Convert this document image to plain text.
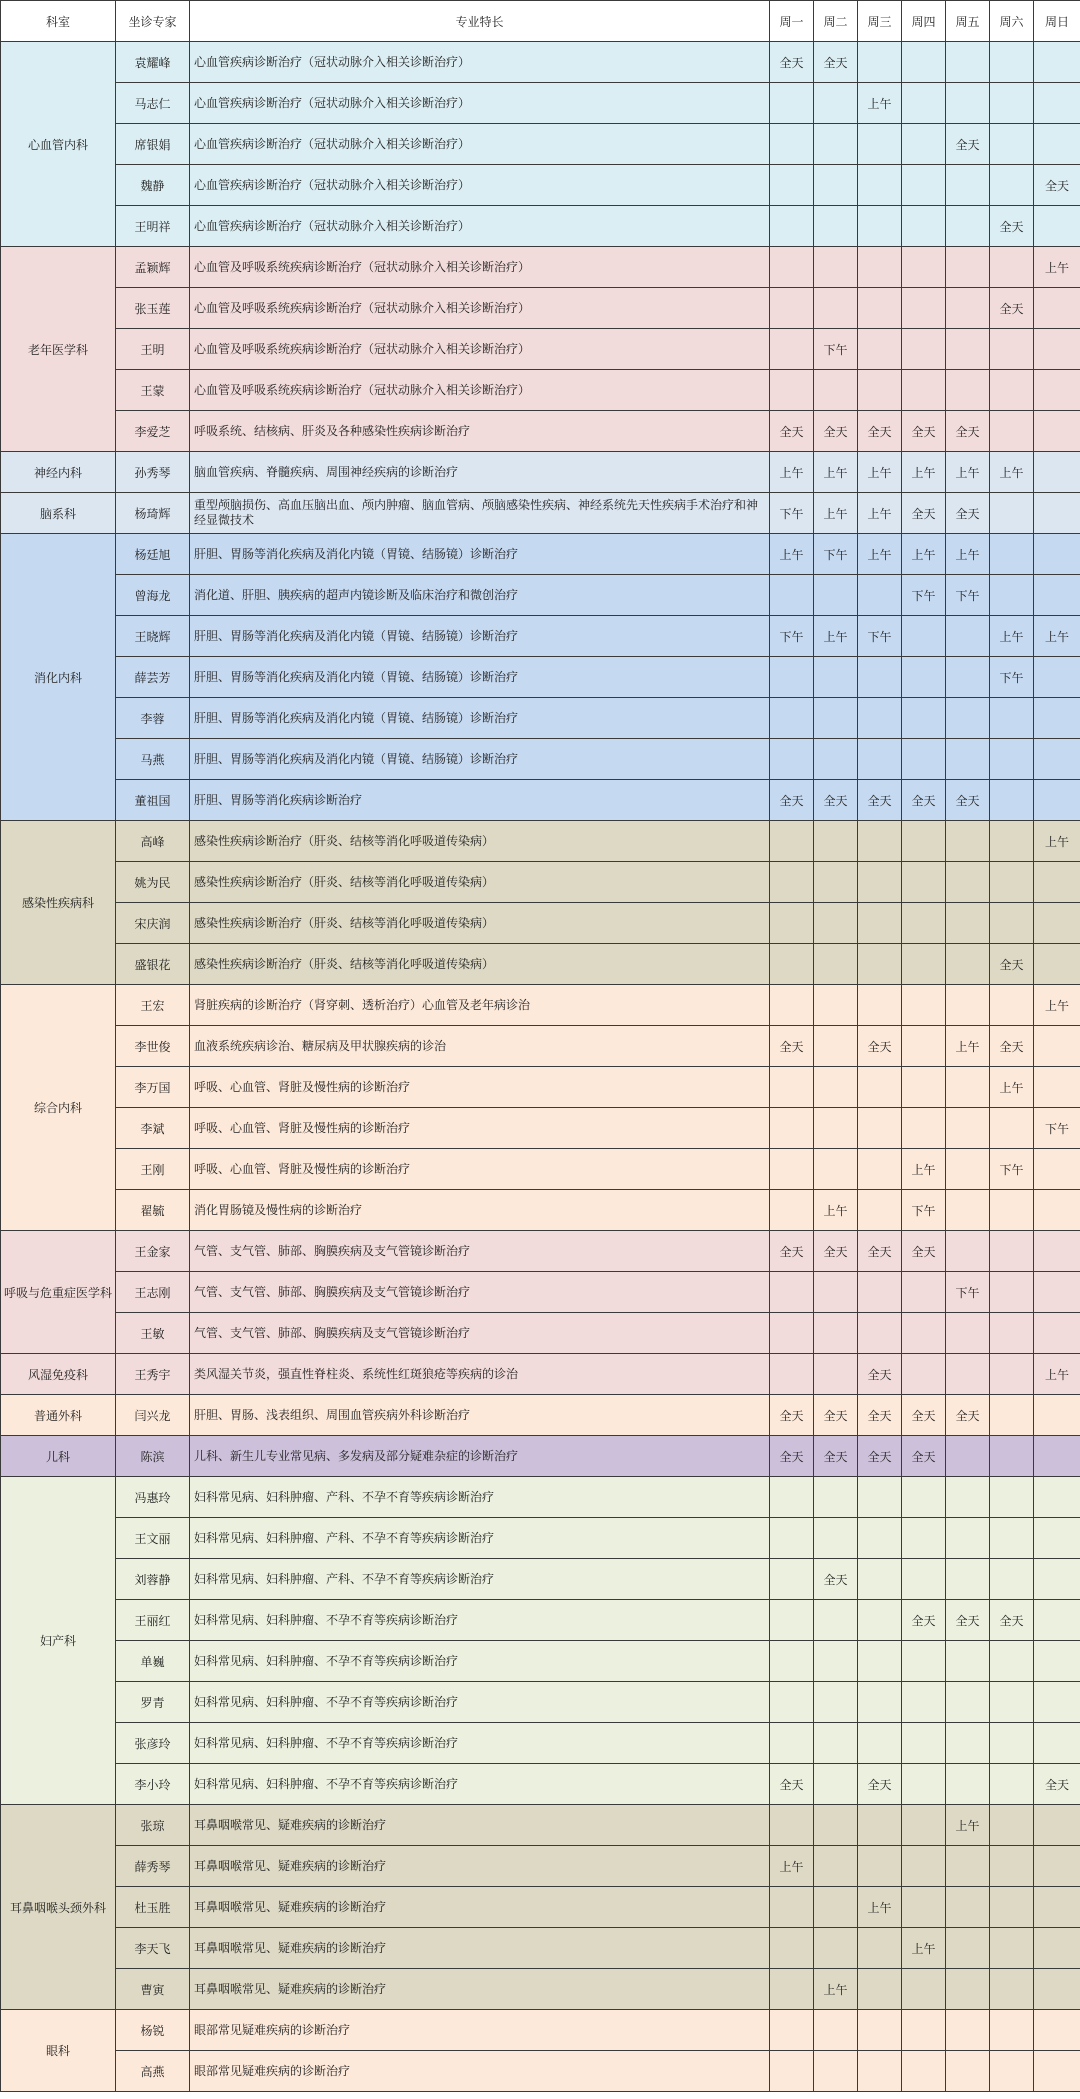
科室	坐诊专家	专业特长	周一	周二	周三	周四	周五	周六	周日
心血管内科	袁耀峰	心血管疾病诊断治疗（冠状动脉介入相关诊断治疗）	全天	全天					
	马志仁	心血管疾病诊断治疗（冠状动脉介入相关诊断治疗）			上午				
	席银娟	心血管疾病诊断治疗（冠状动脉介入相关诊断治疗）					全天		
	魏静	心血管疾病诊断治疗（冠状动脉介入相关诊断治疗）							全天
	王明祥	心血管疾病诊断治疗（冠状动脉介入相关诊断治疗）						全天	
老年医学科	孟颖辉	心血管及呼吸系统疾病诊断治疗（冠状动脉介入相关诊断治疗）							上午
	张玉莲	心血管及呼吸系统疾病诊断治疗（冠状动脉介入相关诊断治疗）						全天	
	王明	心血管及呼吸系统疾病诊断治疗（冠状动脉介入相关诊断治疗）		下午					
	王蒙	心血管及呼吸系统疾病诊断治疗（冠状动脉介入相关诊断治疗）							
	李爱芝	呼吸系统、结核病、肝炎及各种感染性疾病诊断治疗	全天	全天	全天	全天	全天		
神经内科	孙秀琴	脑血管疾病、脊髓疾病、周围神经疾病的诊断治疗	上午	上午	上午	上午	上午	上午	
脑系科	杨琦辉	重型颅脑损伤、高血压脑出血、颅内肿瘤、脑血管病、颅脑感染性疾病、神经系统先天性疾病手术治疗和神经显微技术	下午	上午	上午	全天	全天		
消化内科	杨廷旭	肝胆、胃肠等消化疾病及消化内镜（胃镜、结肠镜）诊断治疗	上午	下午	上午	上午	上午		
	曾海龙	消化道、肝胆、胰疾病的超声内镜诊断及临床治疗和微创治疗				下午	下午		
	王晓辉	肝胆、胃肠等消化疾病及消化内镜（胃镜、结肠镜）诊断治疗	下午	上午	下午			上午	上午
	薛芸芳	肝胆、胃肠等消化疾病及消化内镜（胃镜、结肠镜）诊断治疗						下午	
	李蓉	肝胆、胃肠等消化疾病及消化内镜（胃镜、结肠镜）诊断治疗							
	马燕	肝胆、胃肠等消化疾病及消化内镜（胃镜、结肠镜）诊断治疗							
	董祖国	肝胆、胃肠等消化疾病诊断治疗	全天	全天	全天	全天	全天		
感染性疾病科	高峰	感染性疾病诊断治疗（肝炎、结核等消化呼吸道传染病）							上午
	姚为民	感染性疾病诊断治疗（肝炎、结核等消化呼吸道传染病）							
	宋庆润	感染性疾病诊断治疗（肝炎、结核等消化呼吸道传染病）							
	盛银花	感染性疾病诊断治疗（肝炎、结核等消化呼吸道传染病）						全天	
综合内科	王宏	肾脏疾病的诊断治疗（肾穿刺、透析治疗）心血管及老年病诊治							上午
	李世俊	血液系统疾病诊治、糖尿病及甲状腺疾病的诊治	全天		全天		上午	全天	
	李万国	呼吸、心血管、肾脏及慢性病的诊断治疗						上午	
	李斌	呼吸、心血管、肾脏及慢性病的诊断治疗							下午
	王刚	呼吸、心血管、肾脏及慢性病的诊断治疗				上午		下午	
	翟毓	消化胃肠镜及慢性病的诊断治疗		上午		下午			
呼吸与危重症医学科	王金家	气管、支气管、肺部、胸膜疾病及支气管镜诊断治疗	全天	全天	全天	全天			
	王志刚	气管、支气管、肺部、胸膜疾病及支气管镜诊断治疗					下午		
	王敏	气管、支气管、肺部、胸膜疾病及支气管镜诊断治疗							
风湿免疫科	王秀宇	类风湿关节炎，强直性脊柱炎、系统性红斑狼疮等疾病的诊治			全天				上午
普通外科	闫兴龙	肝胆、胃肠、浅表组织、周围血管疾病外科诊断治疗	全天	全天	全天	全天	全天		
儿科	陈滨	儿科、新生儿专业常见病、多发病及部分疑难杂症的诊断治疗	全天	全天	全天	全天			
妇产科	冯惠玲	妇科常见病、妇科肿瘤、产科、不孕不育等疾病诊断治疗							
	王文丽	妇科常见病、妇科肿瘤、产科、不孕不育等疾病诊断治疗							
	刘蓉静	妇科常见病、妇科肿瘤、产科、不孕不育等疾病诊断治疗		全天					
	王丽红	妇科常见病、妇科肿瘤、不孕不育等疾病诊断治疗				全天	全天	全天	
	单巍	妇科常见病、妇科肿瘤、不孕不育等疾病诊断治疗							
	罗青	妇科常见病、妇科肿瘤、不孕不育等疾病诊断治疗							
	张彦玲	妇科常见病、妇科肿瘤、不孕不育等疾病诊断治疗							
	李小玲	妇科常见病、妇科肿瘤、不孕不育等疾病诊断治疗	全天		全天				全天
耳鼻咽喉头颈外科	张琼	耳鼻咽喉常见、疑难疾病的诊断治疗					上午		
	薛秀琴	耳鼻咽喉常见、疑难疾病的诊断治疗	上午						
	杜玉胜	耳鼻咽喉常见、疑难疾病的诊断治疗			上午				
	李天飞	耳鼻咽喉常见、疑难疾病的诊断治疗				上午			
	曹寅	耳鼻咽喉常见、疑难疾病的诊断治疗		上午					
眼科	杨锐	眼部常见疑难疾病的诊断治疗							
	高燕	眼部常见疑难疾病的诊断治疗							
